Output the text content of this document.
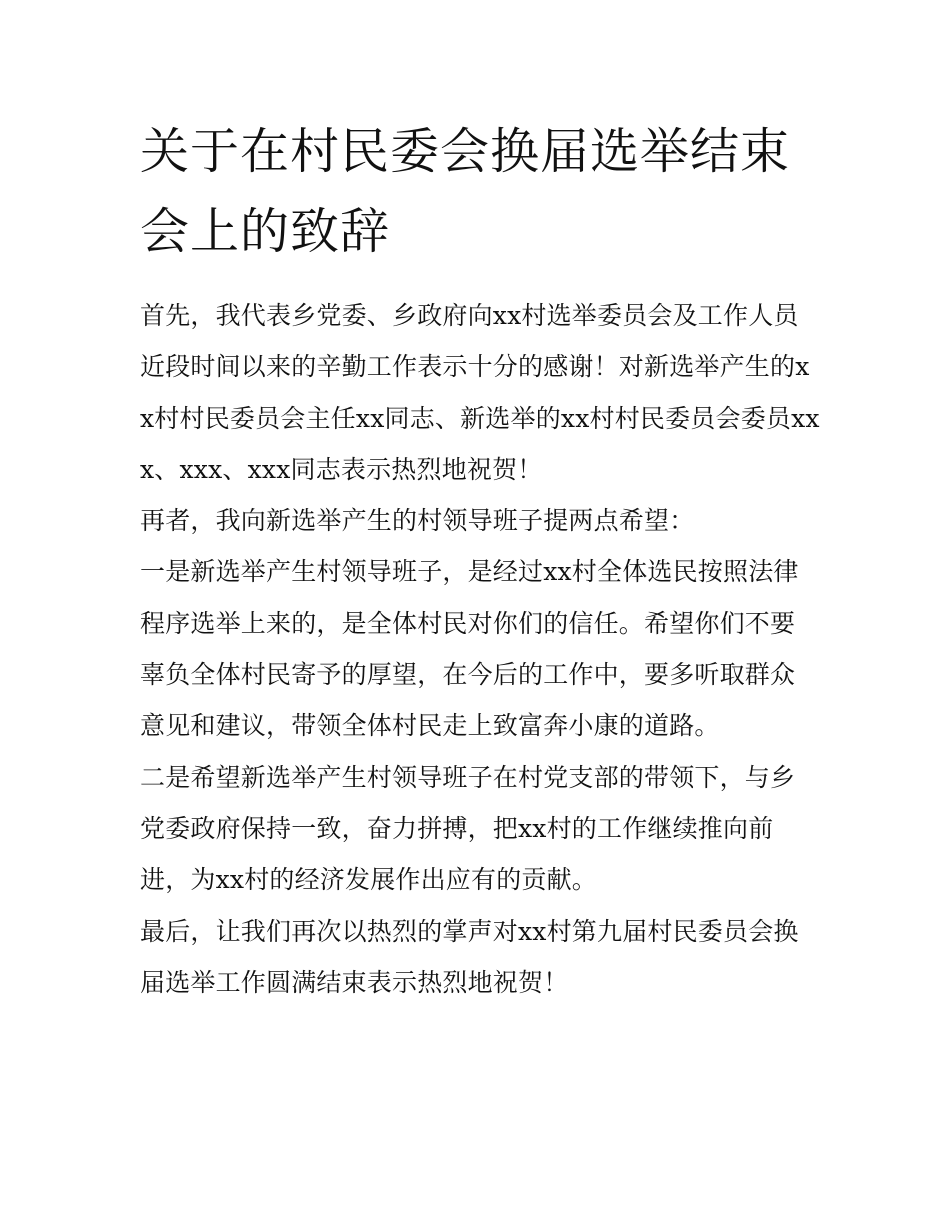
关于在村民委会换届选举结束会上的致辞

首先，我代表乡党委、乡政府向xx村选举委员会及工作人员近段时间以来的辛勤工作表示十分的感谢！对新选举产生的xx村村民委员会主任xx同志、新选举的xx村村民委员会委员xxx、xxx、xxx同志表示热烈地祝贺！

再者，我向新选举产生的村领导班子提两点希望：

一是新选举产生村领导班子，是经过xx村全体选民按照法律程序选举上来的，是全体村民对你们的信任。希望你们不要辜负全体村民寄予的厚望，在今后的工作中，要多听取群众意见和建议，带领全体村民走上致富奔小康的道路。

二是希望新选举产生村领导班子在村党支部的带领下，与乡党委政府保持一致，奋力拼搏，把xx村的工作继续推向前进，为xx村的经济发展作出应有的贡献。

最后，让我们再次以热烈的掌声对xx村第九届村民委员会换届选举工作圆满结束表示热烈地祝贺！
